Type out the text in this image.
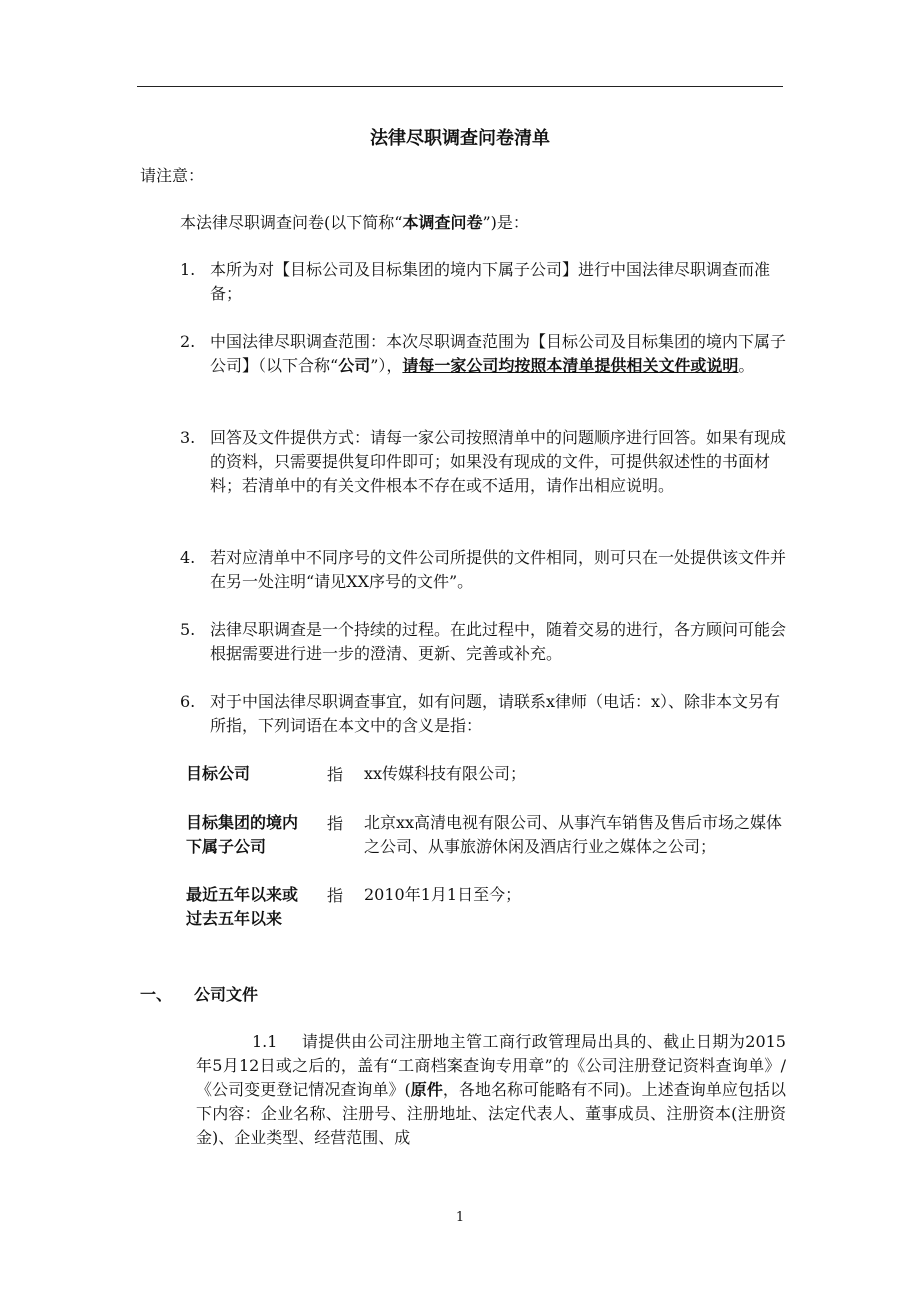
法律尽职调查问卷清单
请注意：
本法律尽职调查问卷(以下简称“本调查问卷”)是：
1. 本所为对【目标公司及目标集团的境内下属子公司】进行中国法律尽职调查而准备；
2. 中国法律尽职调查范围：本次尽职调查范围为【目标公司及目标集团的境内下属子公司】（以下合称“公司”），请每一家公司均按照本清单提供相关文件或说明。
3. 回答及文件提供方式：请每一家公司按照清单中的问题顺序进行回答。如果有现成的资料，只需要提供复印件即可；如果没有现成的文件，可提供叙述性的书面材料；若清单中的有关文件根本不存在或不适用，请作出相应说明。
4. 若对应清单中不同序号的文件公司所提供的文件相同，则可只在一处提供该文件并在另一处注明“请见XX序号的文件”。
5. 法律尽职调查是一个持续的过程。在此过程中，随着交易的进行，各方顾问可能会根据需要进行进一步的澄清、更新、完善或补充。
6. 对于中国法律尽职调查事宜，如有问题，请联系x律师（电话：x）、除非本文另有所指，下列词语在本文中的含义是指：
目标公司	指 xx传媒科技有限公司；
目标集团的境内下属子公司
指 北京xx高清电视有限公司、从事汽车销售及售后市场之媒体之公司、从事旅游休闲及酒店行业之媒体之公司；
最近五年以来或过去五年以来
指 2010年1月1日至今；
一、 公司文件
1.1 请提供由公司注册地主管工商行政管理局出具的、截止日期为2015年5月12日或之后的，盖有“工商档案查询专用章”的《公司注册登记资料查询单》/《公司变更登记情况查询单》(原件，各地名称可能略有不同)。上述查询单应包括以下内容：企业名称、注册号、注册地址、法定代表人、董事成员、注册资本(注册资金)、企业类型、经营范围、成
1
